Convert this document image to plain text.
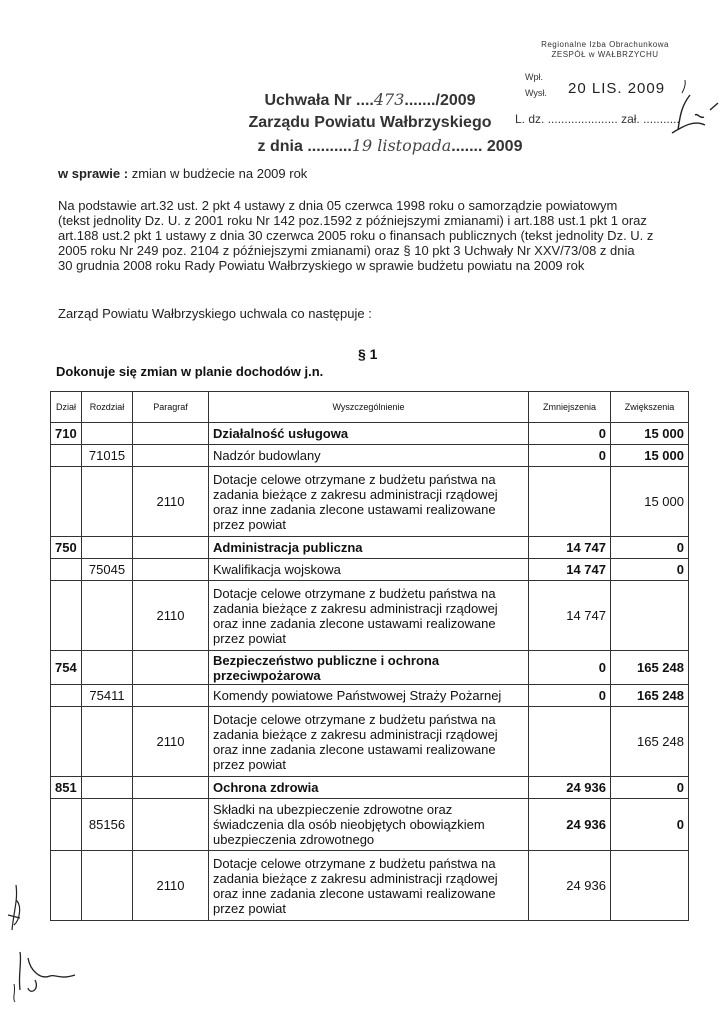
Regionalne Izba Obrachunkowa
ZESPÓŁ w WAŁBRZYCHU
Wpł.
Wysł. 20 LIS. 2009
L. dz. ..................... zał. ...........
Uchwała Nr ....473......./2009
Zarządu Powiatu Wałbrzyskiego
z dnia ..........19 listopada....... 2009
w sprawie : zmian w budżecie na 2009 rok
Na podstawie art.32 ust. 2 pkt 4 ustawy z dnia 05 czerwca 1998 roku o samorządzie powiatowym
(tekst jednolity Dz. U. z 2001 roku Nr 142 poz.1592 z późniejszymi zmianami) i art.188 ust.1 pkt 1 oraz
art.188 ust.2 pkt 1 ustawy z dnia 30 czerwca 2005 roku o finansach publicznych (tekst jednolity Dz. U. z
2005 roku Nr 249 poz. 2104 z późniejszymi zmianami) oraz § 10 pkt 3 Uchwały Nr XXV/73/08 z dnia
30 grudnia 2008 roku Rady Powiatu Wałbrzyskiego w sprawie budżetu powiatu na 2009 rok
Zarząd Powiatu Wałbrzyskiego uchwala co następuje :
§ 1
Dokonuje się zmian w planie dochodów j.n.
Dział	Rozdział	Paragraf	Wyszczególnienie	Zmniejszenia	Zwiększenia
710			Działalność usługowa	0	15 000
	71015		Nadzór budowlany	0	15 000
		2110	Dotacje celowe otrzymane z budżetu państwa na zadania bieżące z zakresu administracji rządowej oraz inne zadania zlecone ustawami realizowane przez powiat		15 000
750			Administracja publiczna	14 747	0
	75045		Kwalifikacja wojskowa	14 747	0
		2110	Dotacje celowe otrzymane z budżetu państwa na zadania bieżące z zakresu administracji rządowej oraz inne zadania zlecone ustawami realizowane przez powiat	14 747	
754			Bezpieczeństwo publiczne i ochrona przeciwpożarowa	0	165 248
	75411		Komendy powiatowe Państwowej Straży Pożarnej	0	165 248
		2110	Dotacje celowe otrzymane z budżetu państwa na zadania bieżące z zakresu administracji rządowej oraz inne zadania zlecone ustawami realizowane przez powiat		165 248
851			Ochrona zdrowia	24 936	0
	85156		Składki na ubezpieczenie zdrowotne oraz świadczenia dla osób nieobjętych obowiązkiem ubezpieczenia zdrowotnego	24 936	0
		2110	Dotacje celowe otrzymane z budżetu państwa na zadania bieżące z zakresu administracji rządowej oraz inne zadania zlecone ustawami realizowane przez powiat	24 936	
